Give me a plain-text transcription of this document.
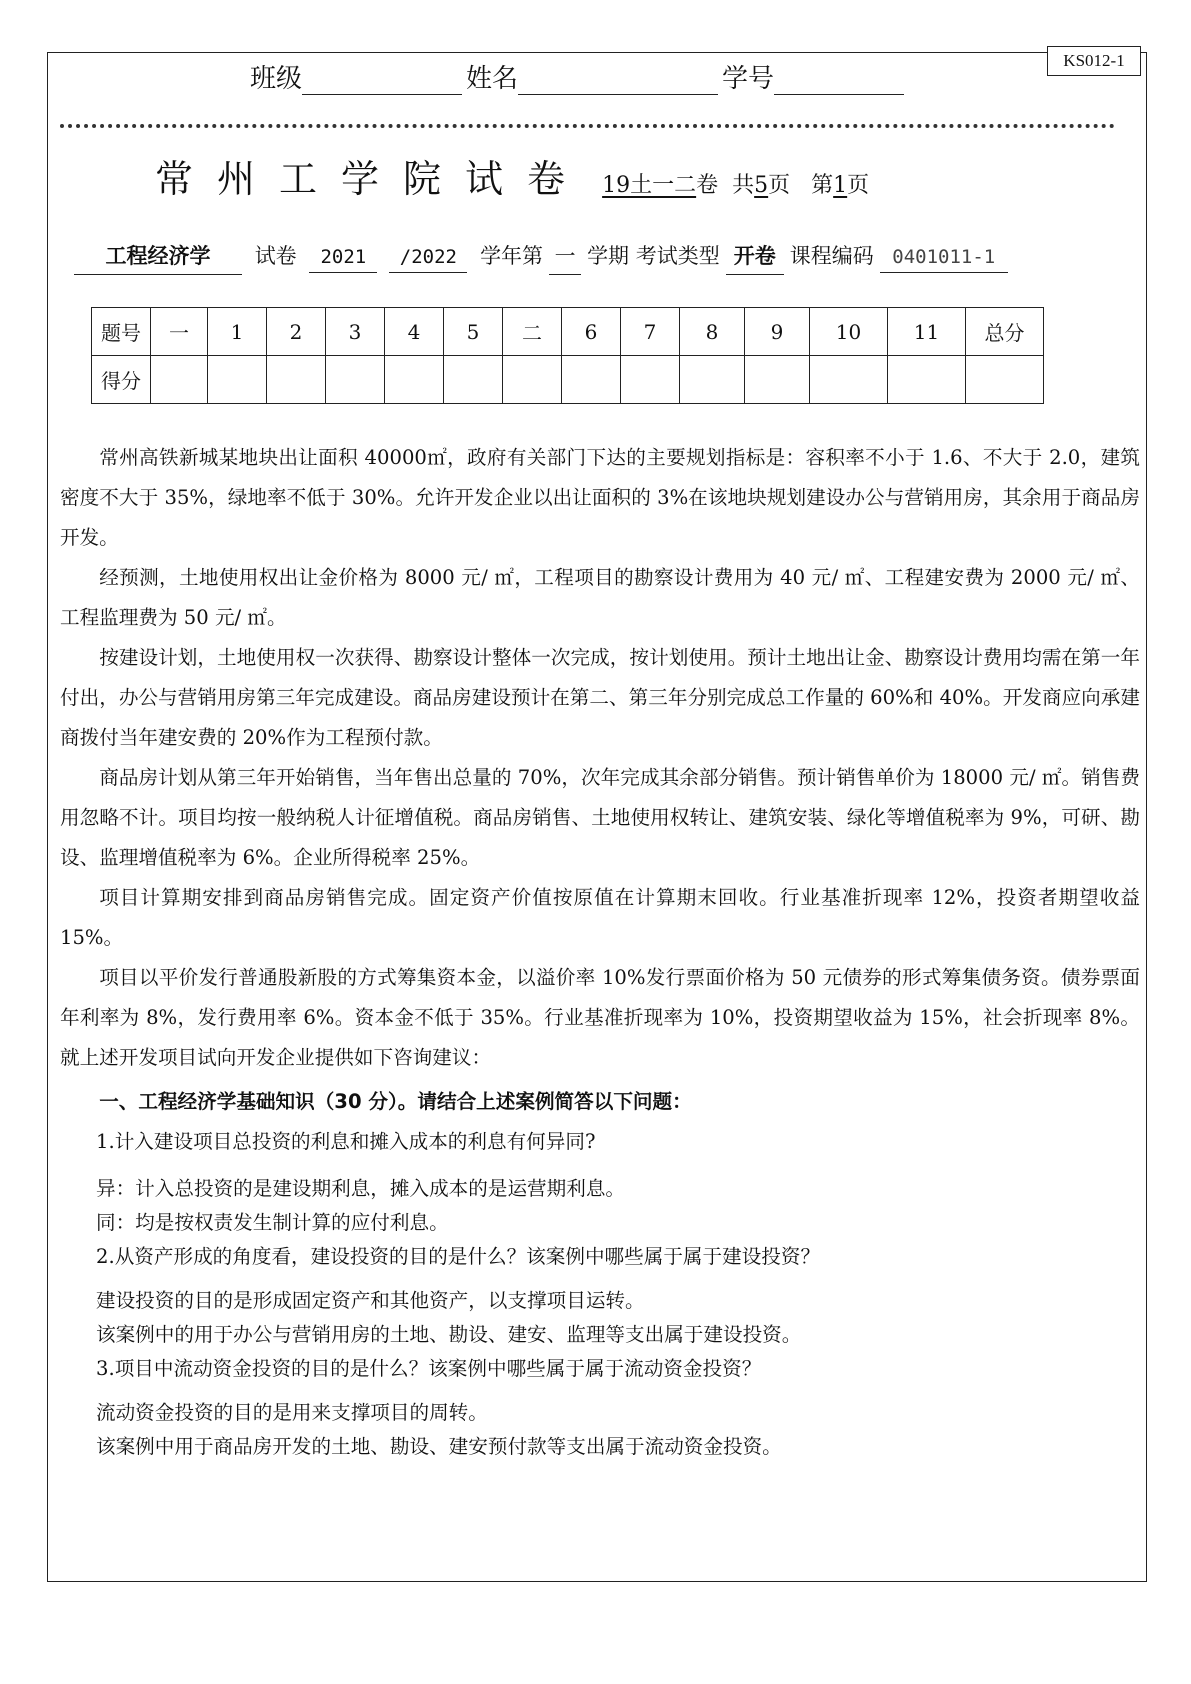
KS012-1
班级	姓名	学号
常州工学院试卷 19土一二卷 共5页 第1页
工程经济学 试卷 2021 /2022 学年第 一 学期 考试类型 开卷 课程编码 0401011-1
题号	一	1	2	3	4	5	二	6	7	8	9	10	11	总分
得分														

常州高铁新城某地块出让面积 40000㎡，政府有关部门下达的主要规划指标是：容积率不小于 1.6、不大于 2.0，建筑密度不大于 35%，绿地率不低于 30%。允许开发企业以出让面积的 3%在该地块规划建设办公与营销用房，其余用于商品房开发。

经预测，土地使用权出让金价格为 8000 元/ ㎡，工程项目的勘察设计费用为 40 元/ ㎡、工程建安费为 2000 元/ ㎡、工程监理费为 50 元/ ㎡。

按建设计划，土地使用权一次获得、勘察设计整体一次完成，按计划使用。预计土地出让金、勘察设计费用均需在第一年付出，办公与营销用房第三年完成建设。商品房建设预计在第二、第三年分别完成总工作量的 60%和 40%。开发商应向承建商拨付当年建安费的 20%作为工程预付款。

商品房计划从第三年开始销售，当年售出总量的 70%，次年完成其余部分销售。预计销售单价为 18000 元/ ㎡。销售费用忽略不计。项目均按一般纳税人计征增值税。商品房销售、土地使用权转让、建筑安装、绿化等增值税率为 9%，可研、勘设、监理增值税率为 6%。企业所得税率 25%。

项目计算期安排到商品房销售完成。固定资产价值按原值在计算期末回收。行业基准折现率 12%，投资者期望收益 15%。

项目以平价发行普通股新股的方式筹集资本金，以溢价率 10%发行票面价格为 50 元债券的形式筹集债务资。债券票面年利率为 8%，发行费用率 6%。资本金不低于 35%。行业基准折现率为 10%，投资期望收益为 15%，社会折现率 8%。就上述开发项目试向开发企业提供如下咨询建议：

一、工程经济学基础知识（30 分）。请结合上述案例简答以下问题：

1.计入建设项目总投资的利息和摊入成本的利息有何异同?

异：计入总投资的是建设期利息，摊入成本的是运营期利息。

同：均是按权责发生制计算的应付利息。

2.从资产形成的角度看，建设投资的目的是什么？该案例中哪些属于属于建设投资？

建设投资的目的是形成固定资产和其他资产，以支撑项目运转。

该案例中的用于办公与营销用房的土地、勘设、建安、监理等支出属于建设投资。

3.项目中流动资金投资的目的是什么？该案例中哪些属于属于流动资金投资？

流动资金投资的目的是用来支撑项目的周转。

该案例中用于商品房开发的土地、勘设、建安预付款等支出属于流动资金投资。
